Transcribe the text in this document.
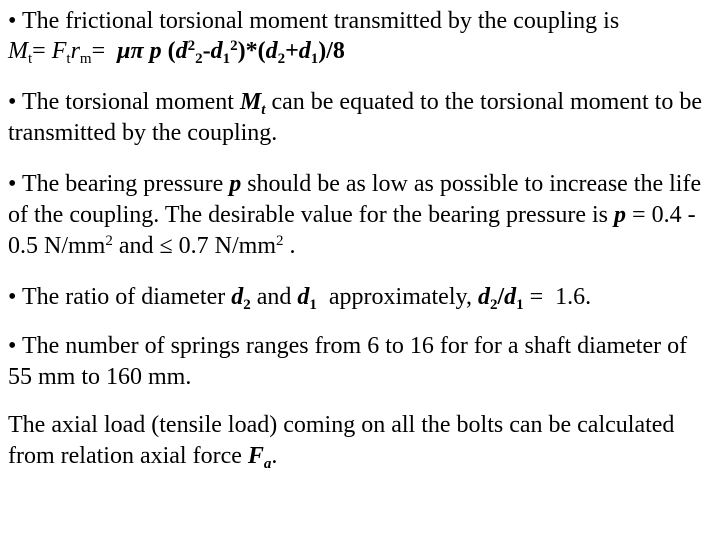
• The frictional torsional moment transmitted by the coupling is
$M_t= F_tr_m= \mu\pi$ p $(d^2_2-d_1^2)*(d_2+d_1)/8$
• The torsional moment $M_t$ can be equated to the torsional moment to be transmitted by the coupling.
• The bearing pressure p should be as low as possible to increase the life of the coupling. The desirable value for the bearing pressure is p = 0.4 - 0.5 $N/mm^2$ and ≤ 0.7 $N/mm^2$ .
• The ratio of diameter $d_2$ and $d_1$  approximately, $d_2/d_1 = 1.6$.
• The number of springs ranges from 6 to 16 for for a shaft diameter of 55 mm to 160 mm.
The axial load (tensile load) coming on all the bolts can be calculated from relation axial force $F_a$.
